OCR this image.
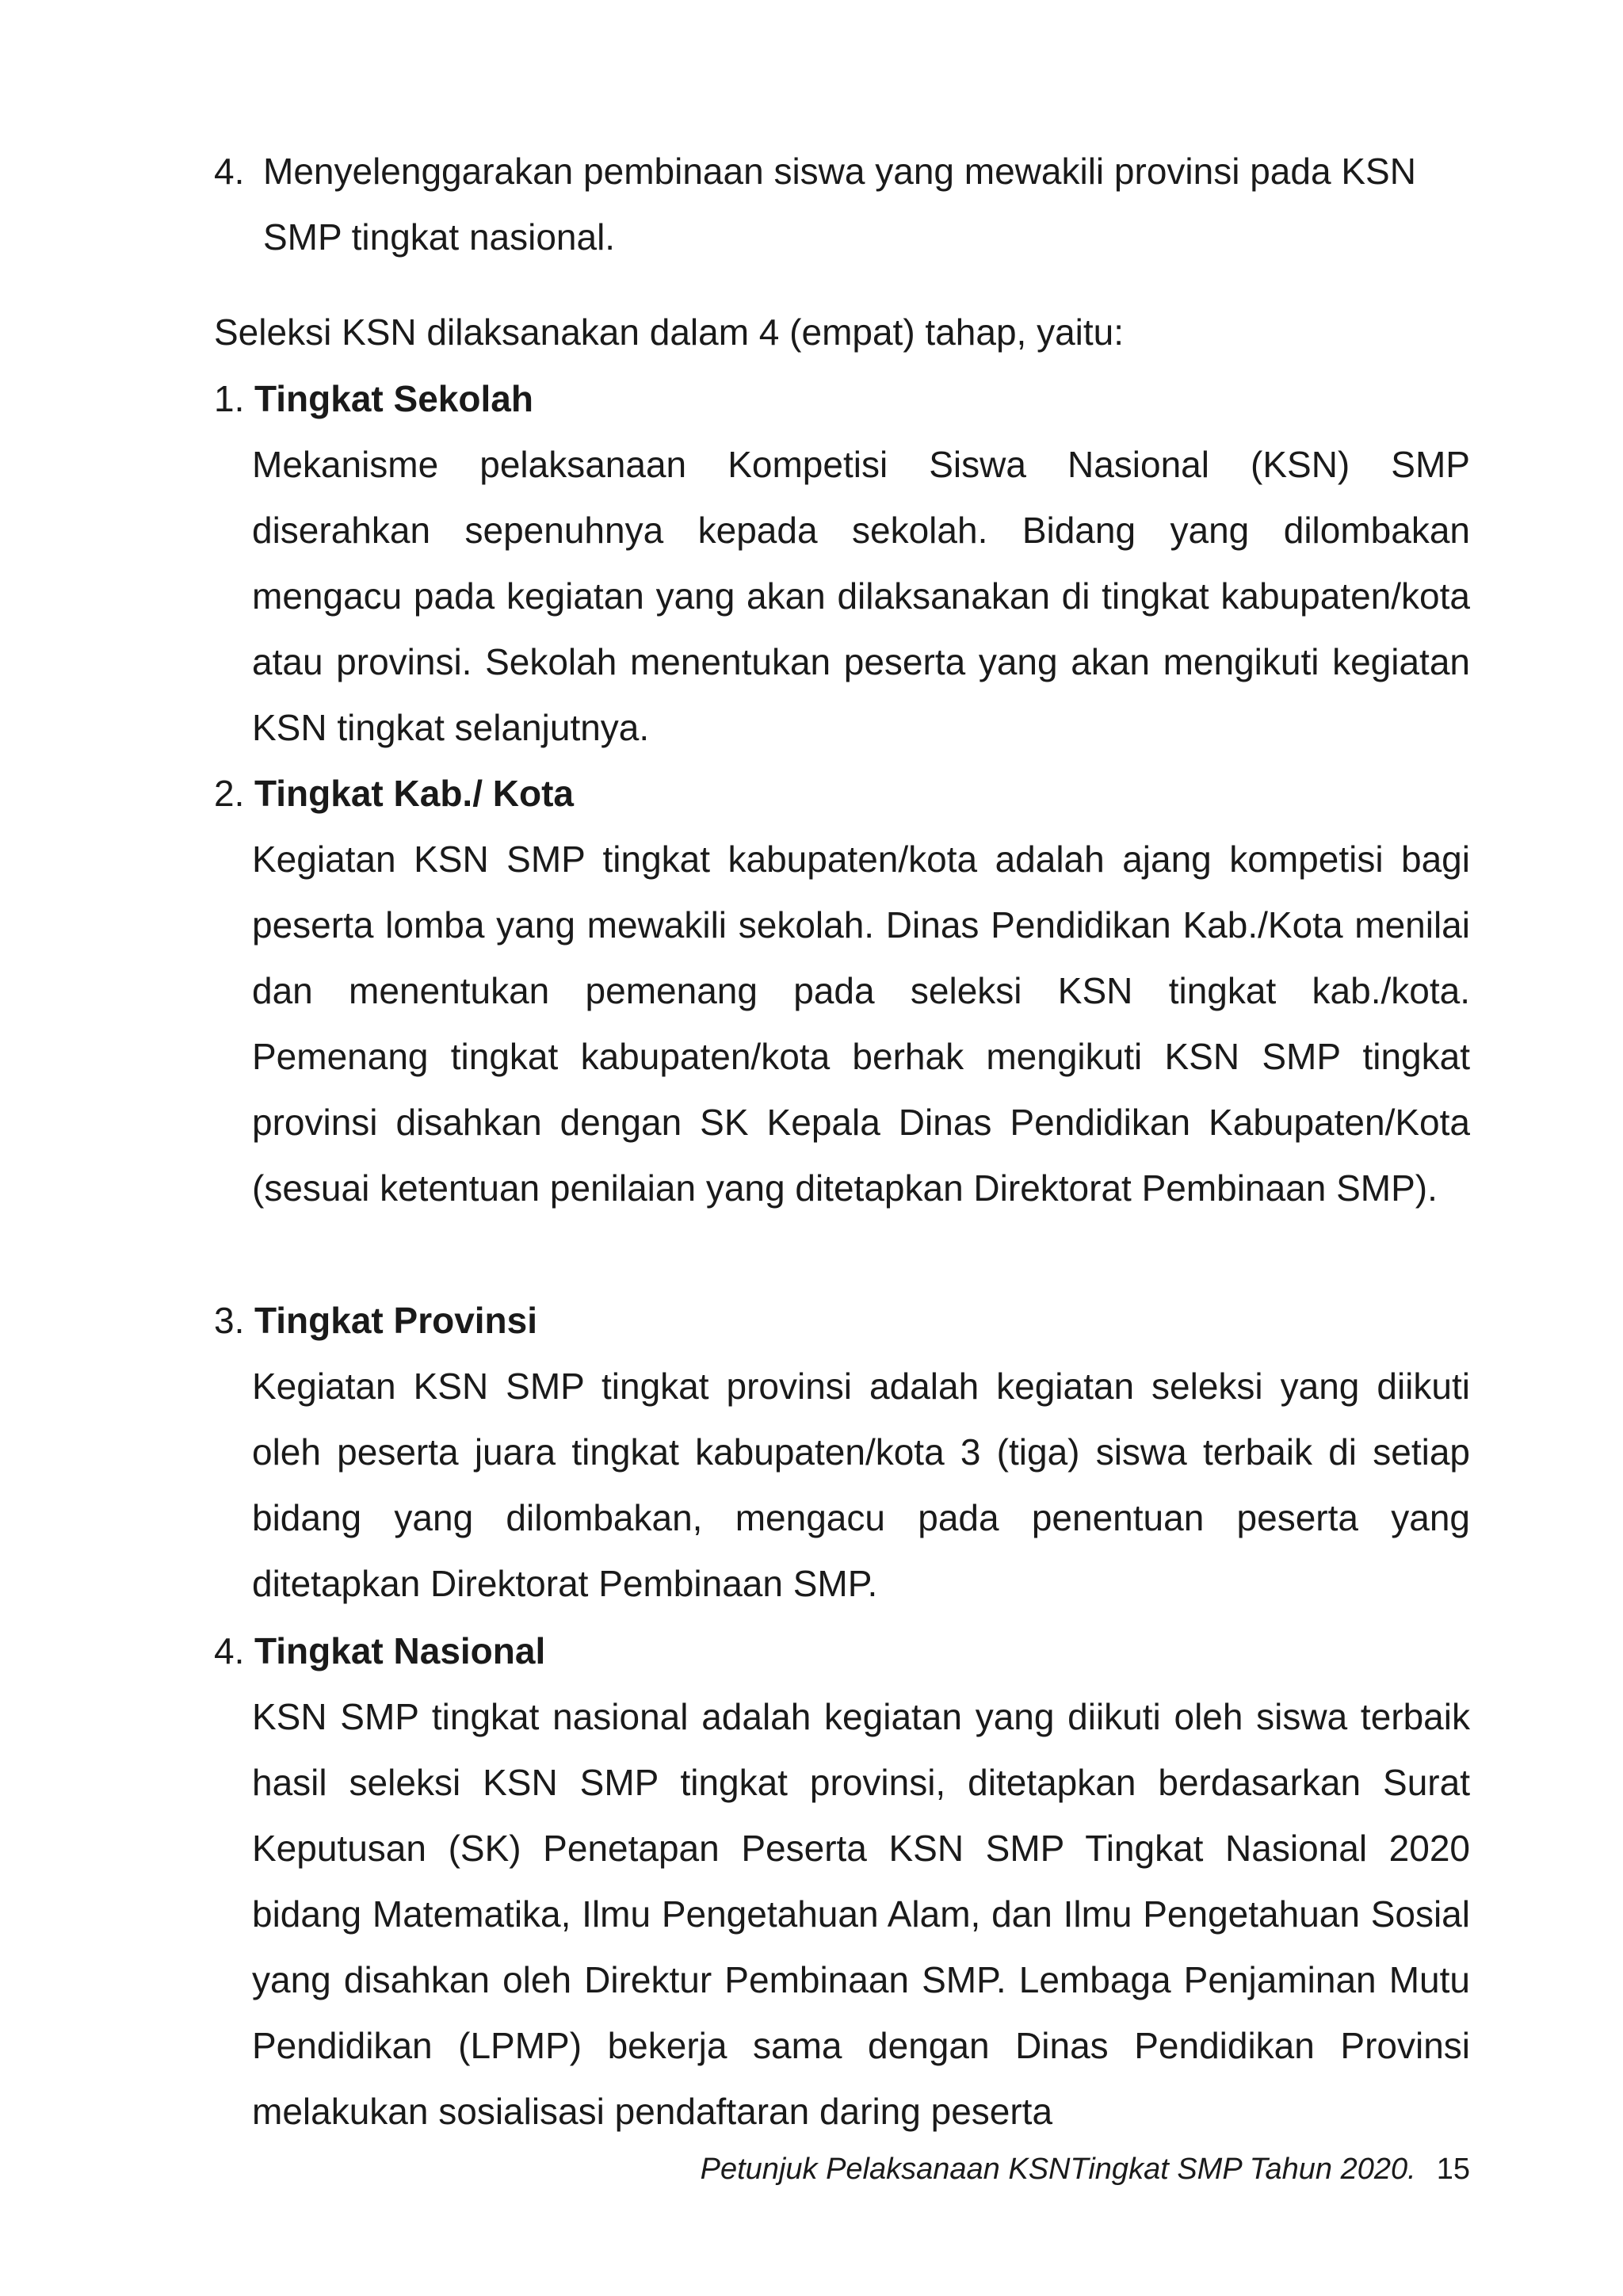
4. Menyelenggarakan pembinaan siswa yang mewakili provinsi pada KSN SMP tingkat nasional.
Seleksi KSN dilaksanakan dalam 4 (empat) tahap, yaitu:
1. Tingkat Sekolah
Mekanisme pelaksanaan Kompetisi Siswa Nasional (KSN) SMP diserahkan sepenuhnya kepada sekolah. Bidang yang dilombakan mengacu pada kegiatan yang akan dilaksanakan di tingkat kabupaten/kota atau provinsi. Sekolah menentukan peserta yang akan mengikuti kegiatan KSN tingkat selanjutnya.
2. Tingkat Kab./ Kota
Kegiatan KSN SMP tingkat kabupaten/kota adalah ajang kompetisi bagi peserta lomba yang mewakili sekolah. Dinas Pendidikan Kab./Kota menilai dan menentukan pemenang pada seleksi KSN tingkat kab./kota. Pemenang tingkat kabupaten/kota berhak mengikuti KSN SMP tingkat provinsi disahkan dengan SK Kepala Dinas Pendidikan Kabupaten/Kota (sesuai ketentuan penilaian yang ditetapkan Direktorat Pembinaan SMP).
3. Tingkat Provinsi
Kegiatan KSN SMP tingkat provinsi adalah kegiatan seleksi yang diikuti oleh peserta juara tingkat kabupaten/kota 3 (tiga) siswa terbaik di setiap bidang yang dilombakan, mengacu pada penentuan peserta yang ditetapkan Direktorat Pembinaan SMP.
4. Tingkat Nasional
KSN SMP tingkat nasional adalah kegiatan yang diikuti oleh siswa terbaik hasil seleksi KSN SMP tingkat provinsi, ditetapkan berdasarkan Surat Keputusan (SK) Penetapan Peserta KSN SMP Tingkat Nasional 2020 bidang Matematika, Ilmu Pengetahuan Alam, dan Ilmu Pengetahuan Sosial yang disahkan oleh Direktur Pembinaan SMP. Lembaga Penjaminan Mutu Pendidikan (LPMP) bekerja sama dengan Dinas Pendidikan Provinsi melakukan sosialisasi pendaftaran daring peserta
Petunjuk Pelaksanaan KSNTingkat SMP Tahun 2020. 15
